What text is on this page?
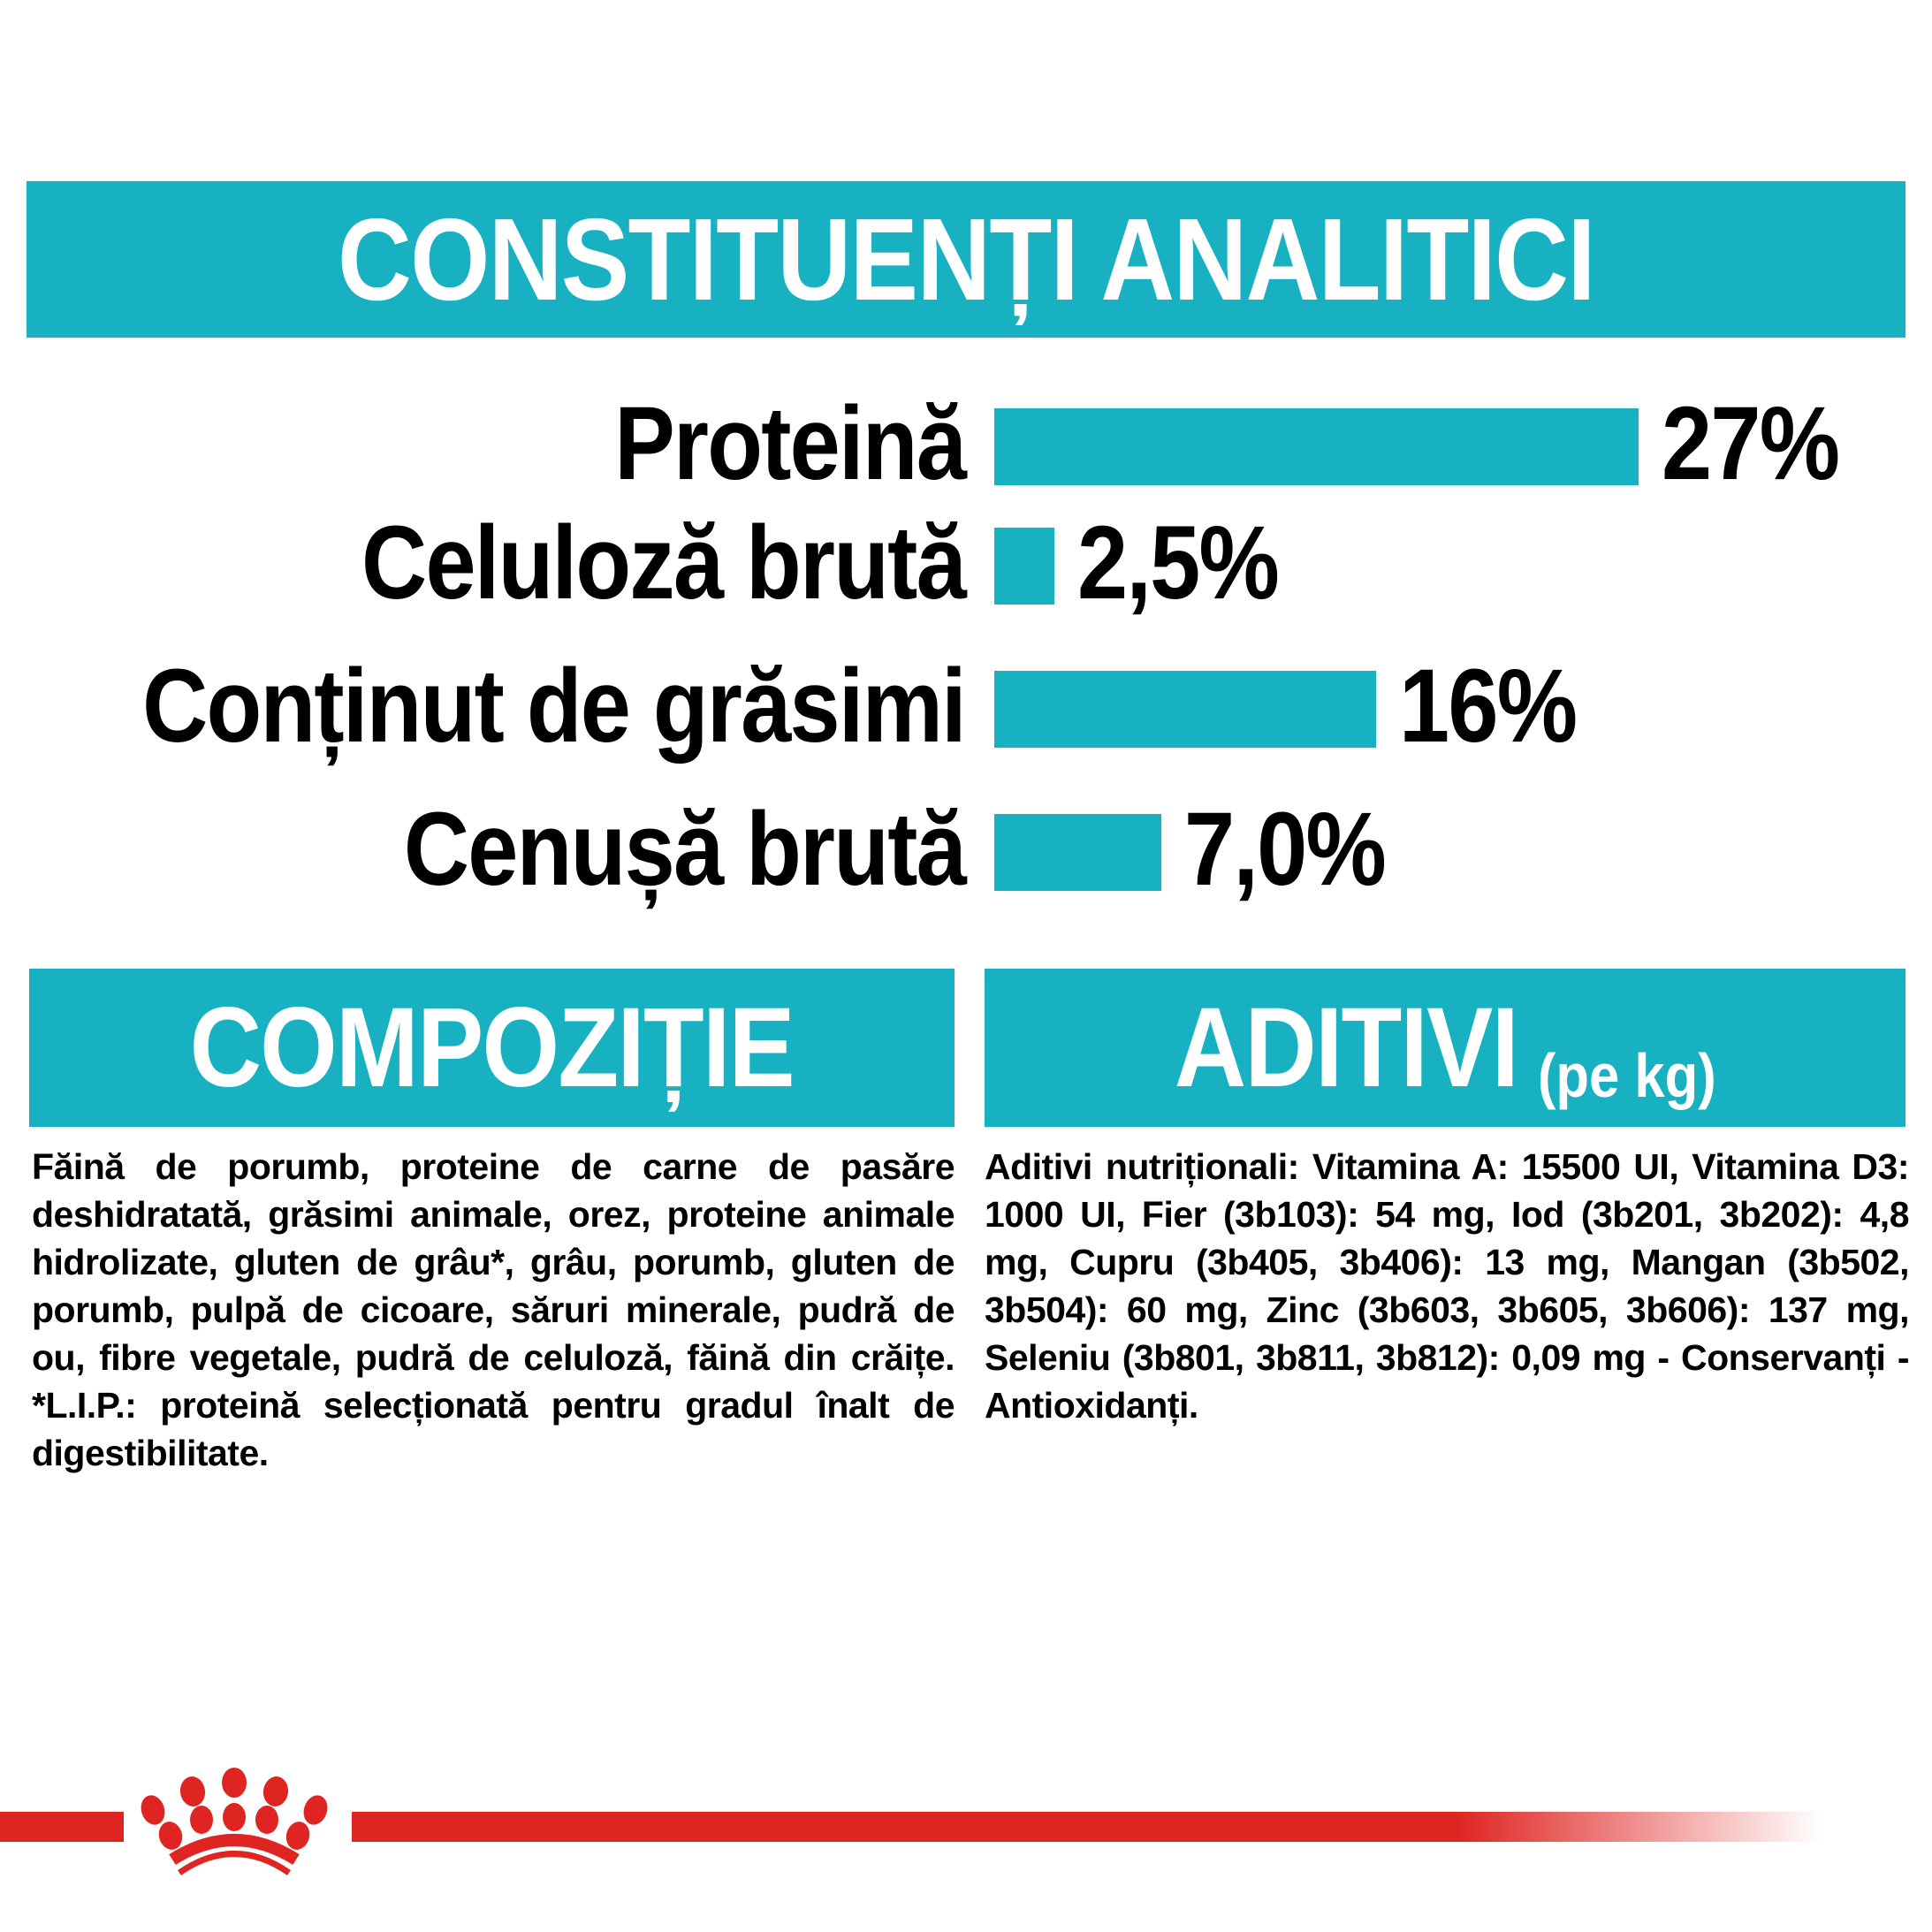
CONSTITUENȚI ANALITICI
Proteină	27%
Celuloză brută 2,5%
Conținut de grăsimi	16%
Cenușă brută 7,0%
COMPOZIȚIE
Făină de porumb, proteine de carne de pasăre deshidratată, grăsimi animale, orez, proteine animale hidrolizate, gluten de grâu*, grâu, porumb, gluten de porumb, pulpă de cicoare, săruri minerale, pudră de ou, fibre vegetale, pudră de celuloză, făină din crăițe. *L.I.P.: proteină selecționată pentru gradul înalt de digestibilitate.
ADITIVI (pe kg)
Aditivi nutriționali: Vitamina A: 15500 UI, Vitamina D3: 1000 UI, Fier (3b103): 54 mg, Iod (3b201, 3b202): 4,8 mg, Cupru (3b405, 3b406): 13 mg, Mangan (3b502, 3b504): 60 mg, Zinc (3b603, 3b605, 3b606): 137 mg, Seleniu (3b801, 3b811, 3b812): 0,09 mg - Conservanți - Antioxidanți.
